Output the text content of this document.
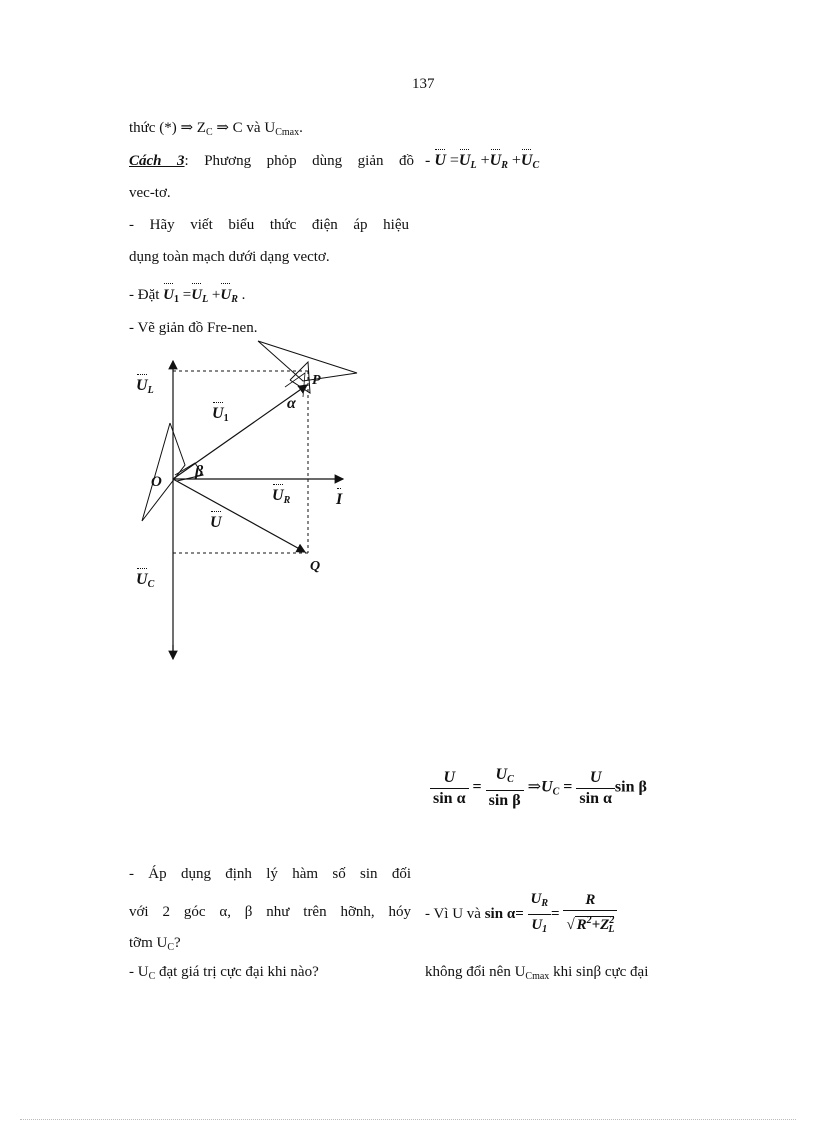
137
thức (*) ⇒ $Z_C$ ⇒ C và $U_{Cmax}$.
Cách 3: Phương phỏp dùng giản đồ
vec-tơ.
- $U =U_L +U_R +U_C$
- Hãy viết biểu thức điện áp hiệu
dụng toàn mạch dưới dạng vectơ.
- Đặt $U_1 =U_L +U_R$ .
- Vẽ giản đồ Fre-nen.
$U_L$
$U_1$
P
α
O
β
$U_R$	I
U
Q
$U_C$
$\frac{U}{\text{sin α}} = \frac{U_C}{\text{sin β}}$ $\Rightarrow U_C = \frac{U}{\text{sin α}}$ sin β
- Áp dụng định lý hàm số sin đối
với 2 góc α, β như trên hỡnh, hóy
tỡm $U_C$?
- $U_C$ đạt giá trị cực đại khi nào?
- Vì U và $\sin \alpha= \frac{U_R}{U_1} = \frac{R}{√ R^2+Z^2_L}$
không đổi nên $U_{Cmax}$ khi sinβ cực đại
